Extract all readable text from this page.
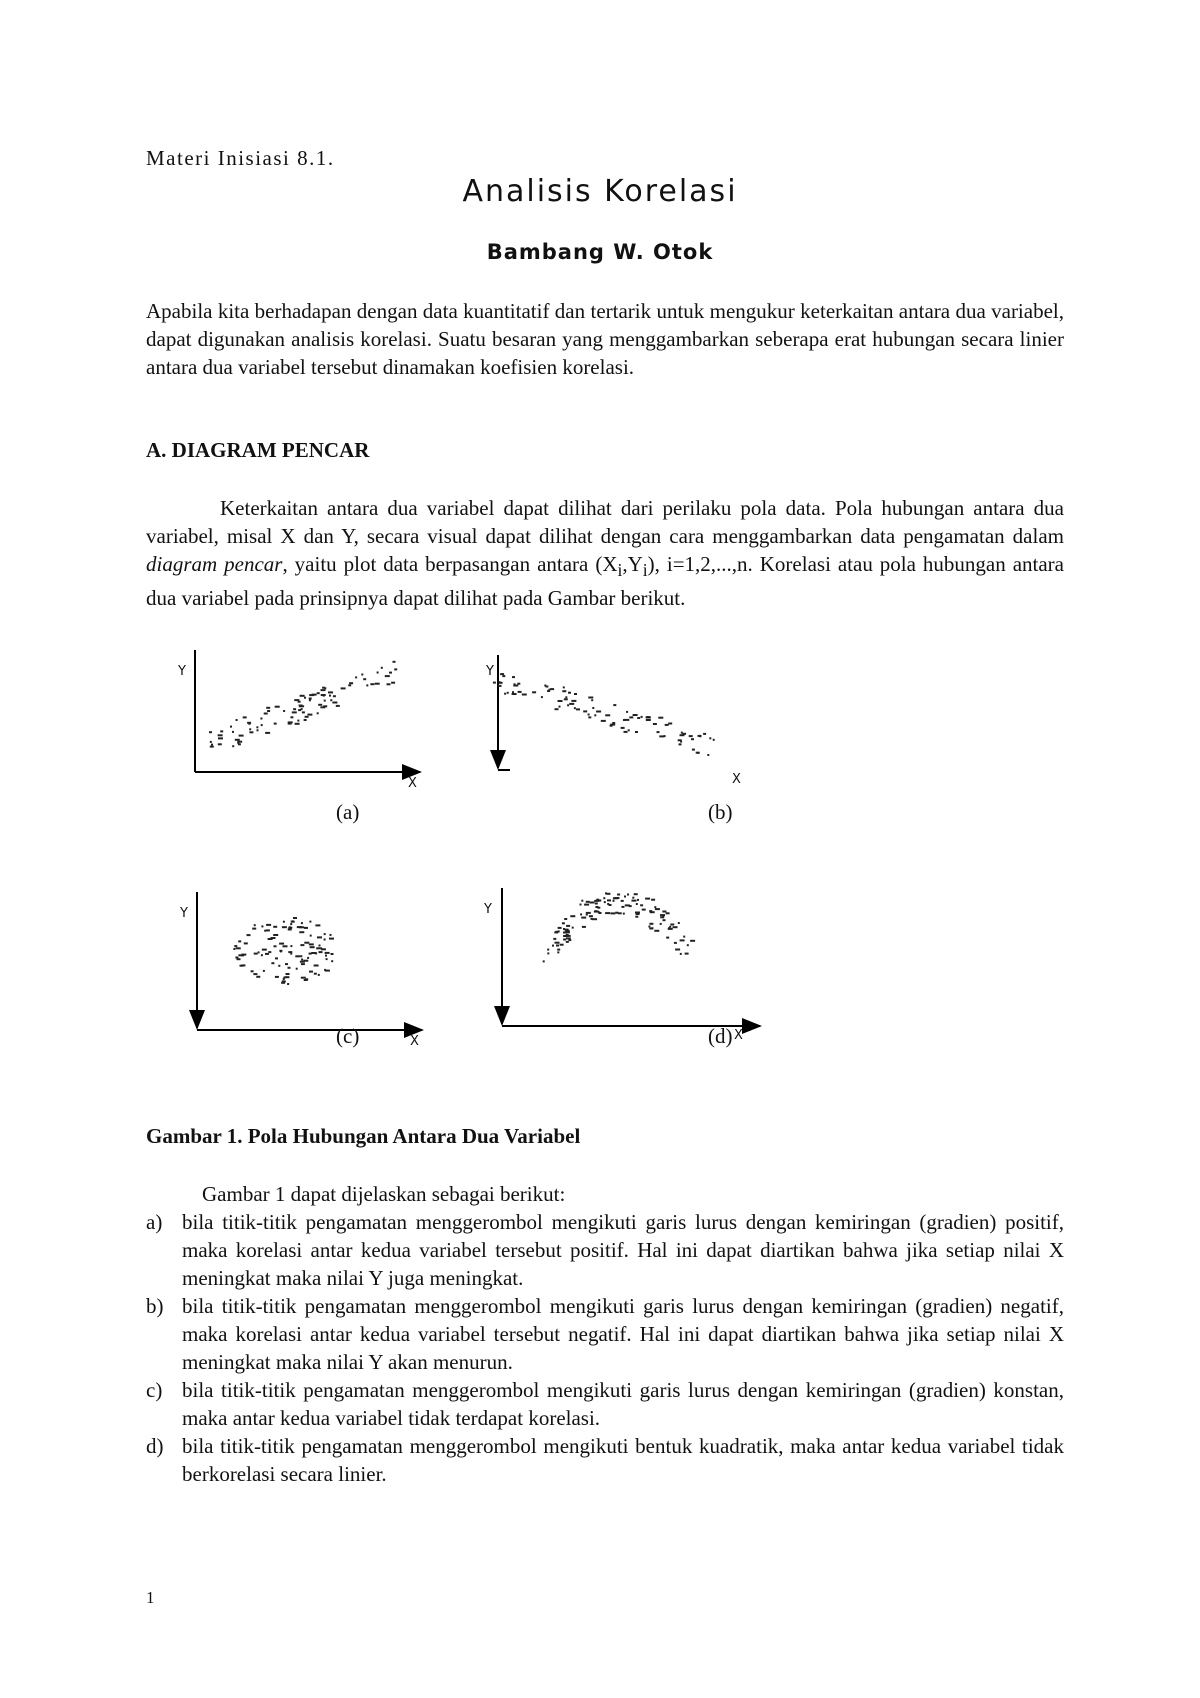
Materi Inisiasi 8.1.
Analisis Korelasi
Bambang W. Otok

Apabila kita berhadapan dengan data kuantitatif dan tertarik untuk mengukur keterkaitan antara dua variabel, dapat digunakan analisis korelasi. Suatu besaran yang menggambarkan seberapa erat hubungan secara linier antara dua variabel tersebut dinamakan koefisien korelasi.

A. DIAGRAM PENCAR

Keterkaitan antara dua variabel dapat dilihat dari perilaku pola data. Pola hubungan antara dua variabel, misal X dan Y, secara visual dapat dilihat dengan cara menggambarkan data pengamatan dalam diagram pencar, yaitu plot data berpasangan antara $(X_i,Y_i)$, i=1,2,...,n. Korelasi atau pola hubungan antara dua variabel pada prinsipnya dapat dilihat pada Gambar berikut.

Y
X
Y
X
Y
X
Y
X
(a)	(b)
(c)	(d)
Gambar 1. Pola Hubungan Antara Dua Variabel

Gambar 1 dapat dijelaskan sebagai berikut:

a) bila titik-titik pengamatan menggerombol mengikuti garis lurus dengan kemiringan (gradien) positif, maka korelasi antar kedua variabel tersebut positif. Hal ini dapat diartikan bahwa jika setiap nilai X meningkat maka nilai Y juga meningkat.
b) bila titik-titik pengamatan menggerombol mengikuti garis lurus dengan kemiringan (gradien) negatif, maka korelasi antar kedua variabel tersebut negatif. Hal ini dapat diartikan bahwa jika setiap nilai X meningkat maka nilai Y akan menurun.
c) bila titik-titik pengamatan menggerombol mengikuti garis lurus dengan kemiringan (gradien) konstan, maka antar kedua variabel tidak terdapat korelasi.
d) bila titik-titik pengamatan menggerombol mengikuti bentuk kuadratik, maka antar kedua variabel tidak berkorelasi secara linier.
1
